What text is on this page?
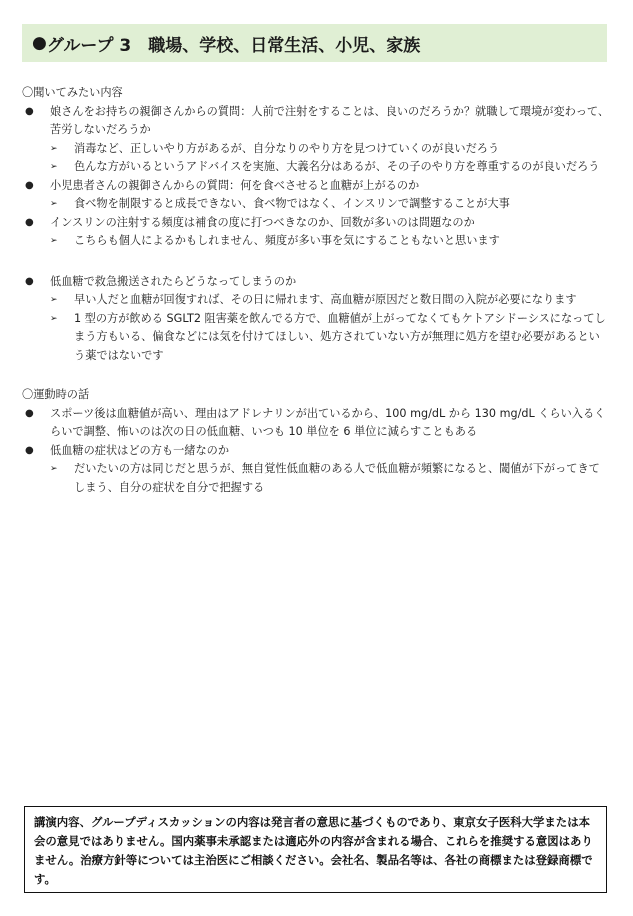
● グループ 3　職場、学校、日常生活、小児、家族
〇聞いてみたい内容
● 娘さんをお持ちの親御さんからの質問：人前で注射をすることは、良いのだろうか？就職して環境が変わって、苦労しないだろうか
➢ 消毒など、正しいやり方があるが、自分なりのやり方を見つけていくのが良いだろう
➢ 色んな方がいるというアドバイスを実施、大義名分はあるが、その子のやり方を尊重するのが良いだろう
● 小児患者さんの親御さんからの質問：何を食べさせると血糖が上がるのか
➢ 食べ物を制限すると成長できない、食べ物ではなく、インスリンで調整することが大事
● インスリンの注射する頻度は補食の度に打つべきなのか、回数が多いのは問題なのか
➢ こちらも個人によるかもしれません、頻度が多い事を気にすることもないと思います
● 低血糖で救急搬送されたらどうなってしまうのか
➢ 早い人だと血糖が回復すれば、その日に帰れます、高血糖が原因だと数日間の入院が必要になります
➢ 1 型の方が飲める SGLT2 阻害薬を飲んでる方で、血糖値が上がってなくてもケトアシドーシスになってしまう方もいる、偏食などには気を付けてほしい、処方されていない方が無理に処方を望む必要があるという薬ではないです
〇運動時の話
● スポーツ後は血糖値が高い、理由はアドレナリンが出ているから、100 mg/dL から 130 mg/dL くらい入るくらいで調整、怖いのは次の日の低血糖、いつも 10 単位を 6 単位に減らすこともある
● 低血糖の症状はどの方も一緒なのか
➢ だいたいの方は同じだと思うが、無自覚性低血糖のある人で低血糖が頻繁になると、閾値が下がってきてしまう、自分の症状を自分で把握する
講演内容、グループディスカッションの内容は発言者の意思に基づくものであり、東京女子医科大学または本会の意見ではありません。国内薬事未承認または適応外の内容が含まれる場合、これらを推奨する意図はありません。治療方針等については主治医にご相談ください。会社名、製品名等は、各社の商標または登録商標です。
